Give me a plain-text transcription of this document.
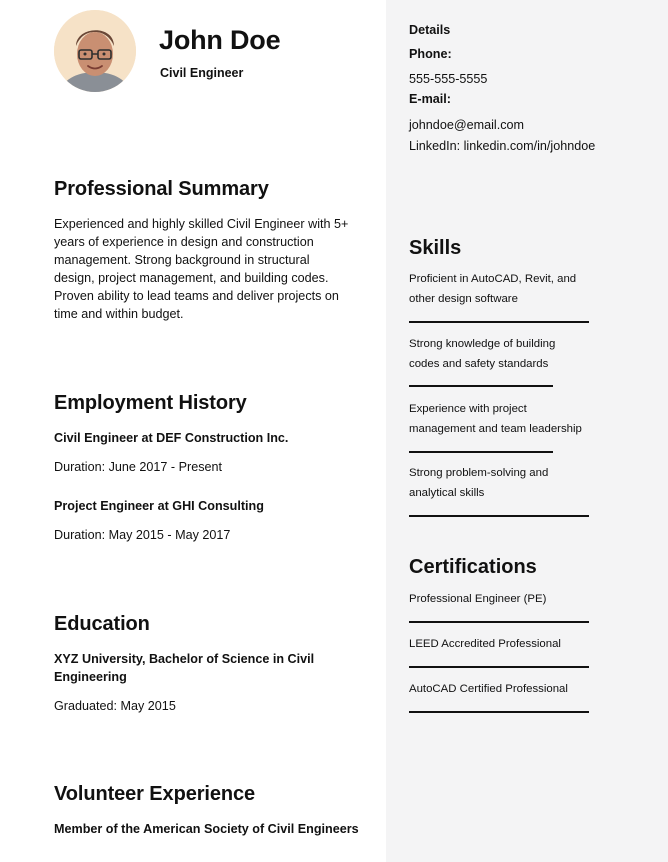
John Doe
Civil Engineer
Professional Summary
Experienced and highly skilled Civil Engineer with 5+
years of experience in design and construction
management. Strong background in structural
design, project management, and building codes.
Proven ability to lead teams and deliver projects on
time and within budget.
Employment History
Civil Engineer at DEF Construction Inc.
Duration: June 2017 - Present
Project Engineer at GHI Consulting
Duration: May 2015 - May 2017
Education
XYZ University, Bachelor of Science in Civil
Engineering
Graduated: May 2015
Volunteer Experience
Member of the American Society of Civil Engineers
Details
Phone:
555-555-5555
E-mail:
johndoe@email.com
LinkedIn: linkedin.com/in/johndoe
Skills
Proficient in AutoCAD, Revit, and
other design software
Strong knowledge of building
codes and safety standards
Experience with project
management and team leadership
Strong problem-solving and
analytical skills
Certifications
Professional Engineer (PE)
LEED Accredited Professional
AutoCAD Certified Professional
